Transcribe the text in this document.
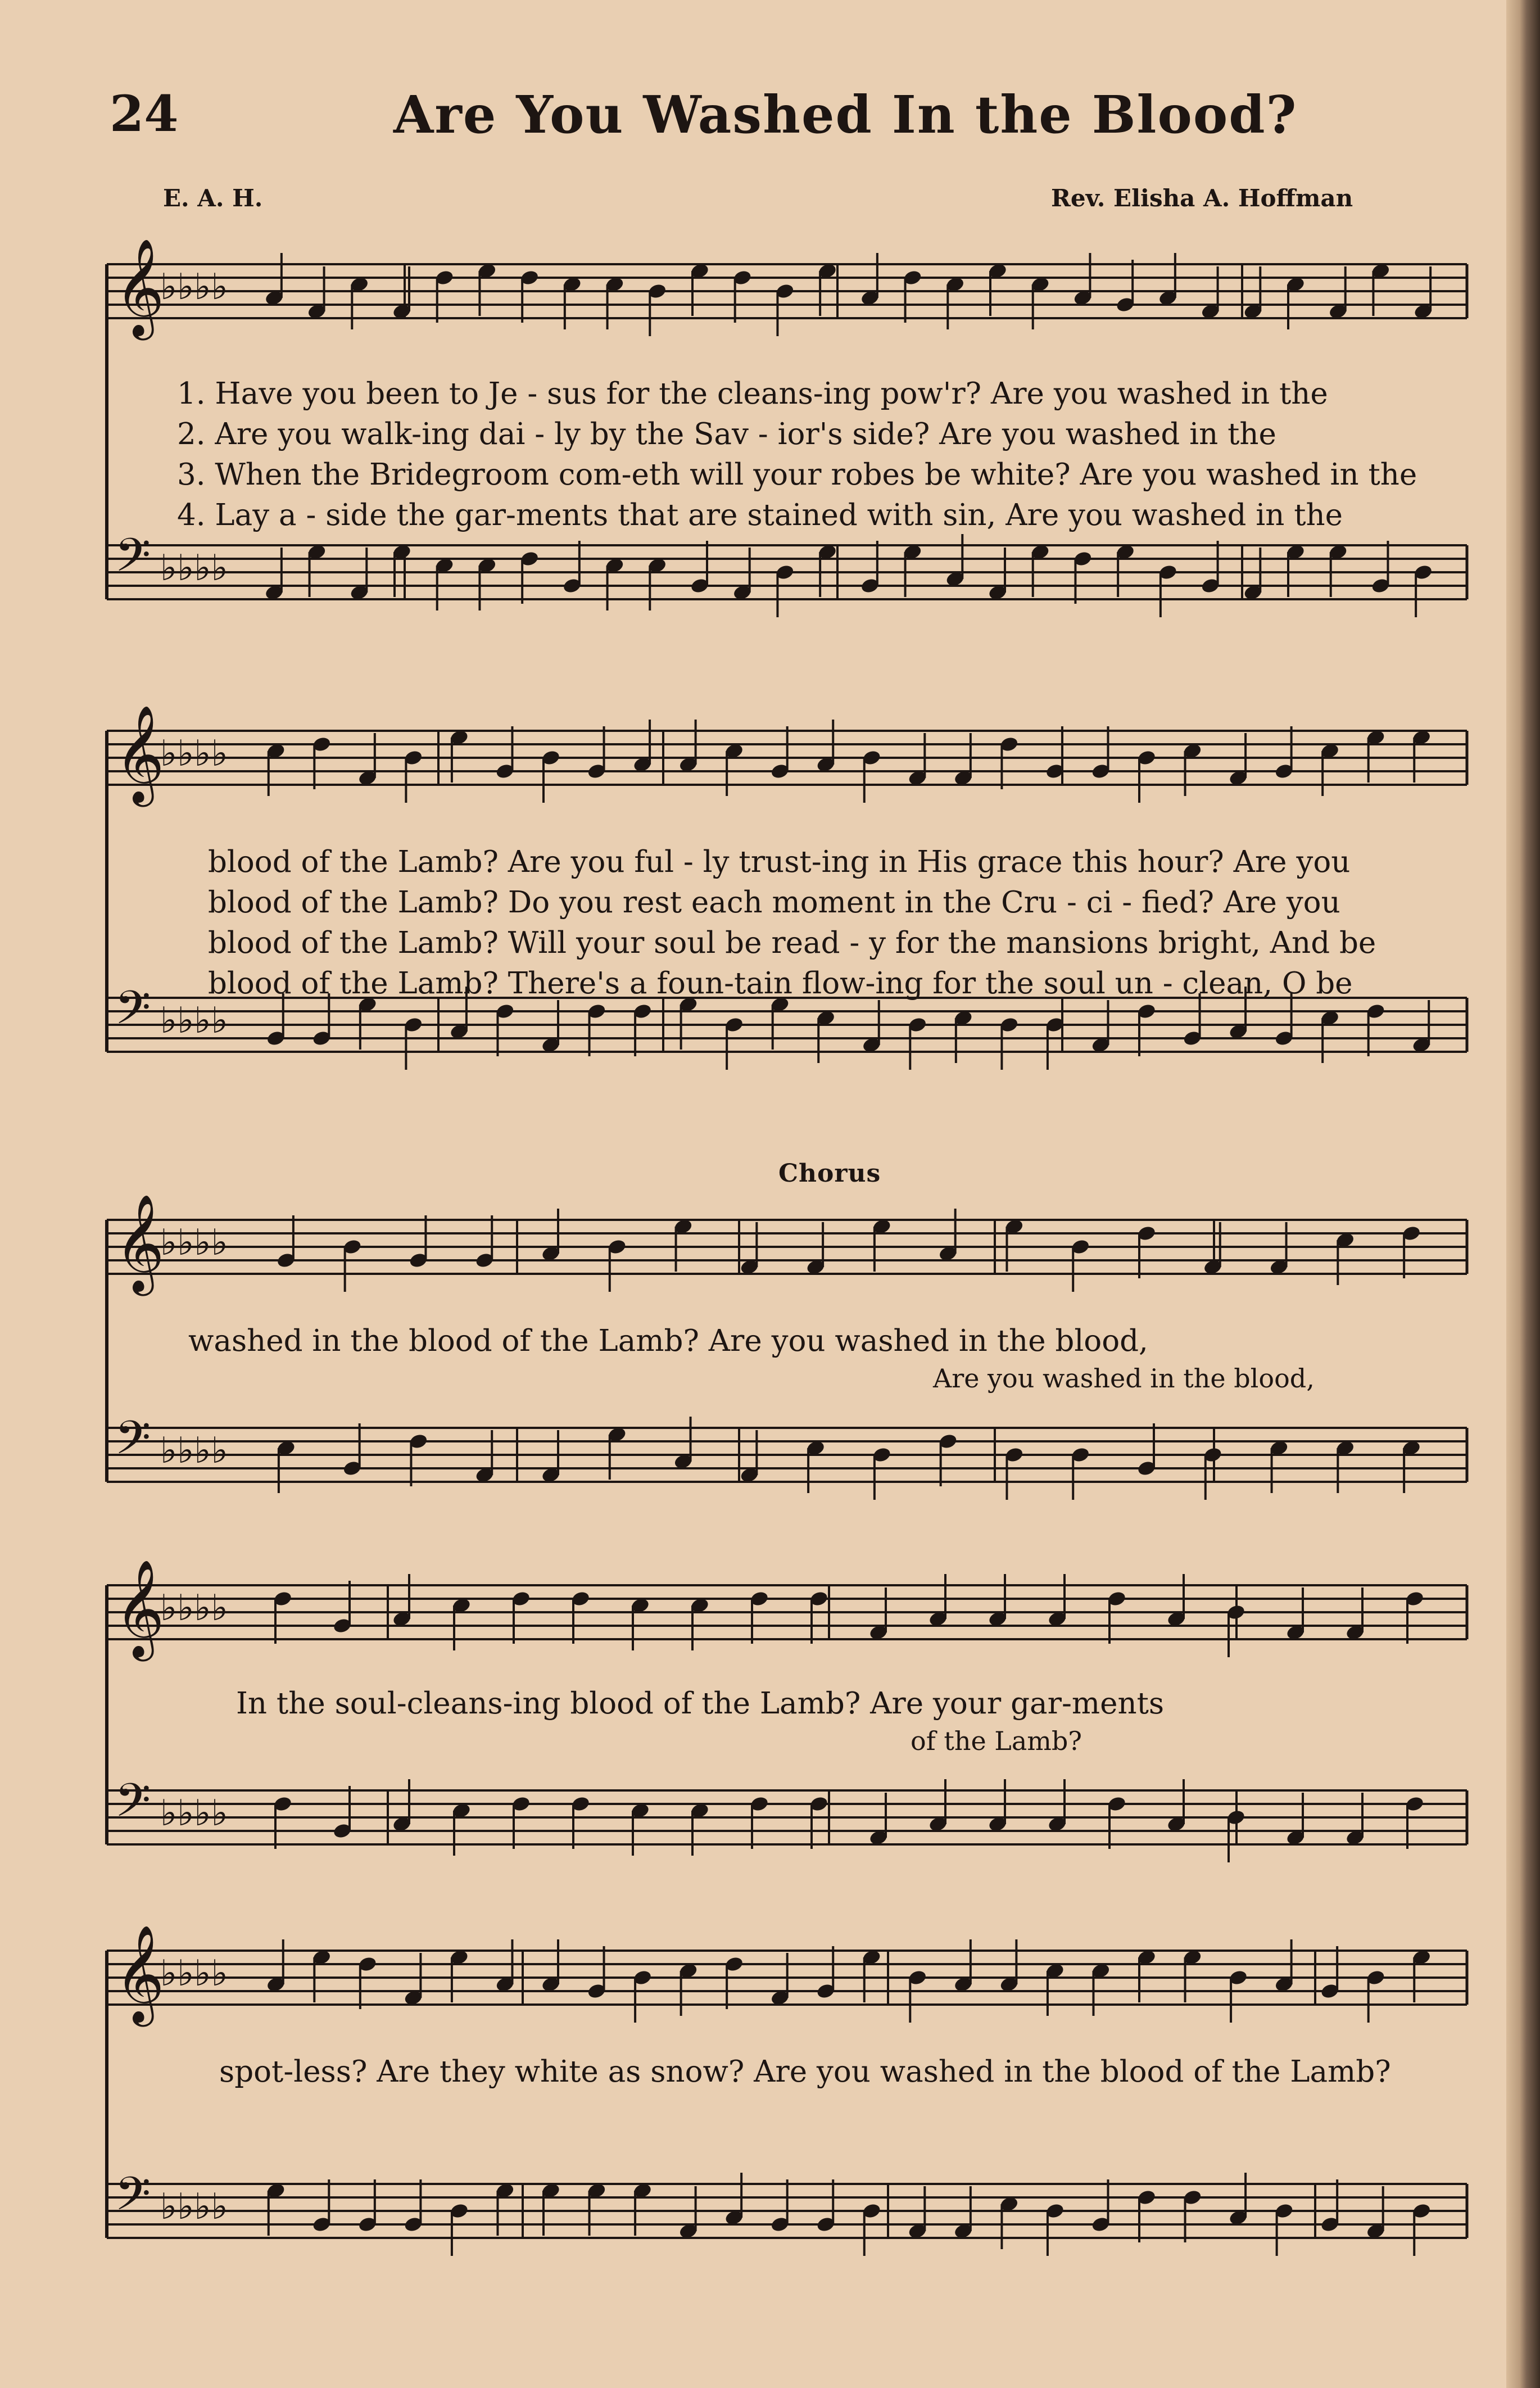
24	Are You Washed In the Blood?
E. A. H.	Rev. Elisha A. Hoffman
𝄞
♭♭♭♭
𝄢 ♭♭♭♭
1. Have you been to Je - sus for the cleans-ing pow'r? Are you washed in the
2. Are you walk-ing dai - ly by the Sav - ior's side? Are you washed in the
3. When the Bridegroom com-eth will your robes be white? Are you washed in the
4. Lay a - side the gar-ments that are stained with sin, Are you washed in the
𝄞
♭♭♭♭
𝄢 ♭♭♭♭
blood of the Lamb? Are you ful - ly trust-ing in His grace this hour? Are you
blood of the Lamb? Do you rest each moment in the Cru - ci - fied? Are you
blood of the Lamb? Will your soul be read - y for the mansions bright, And be
blood of the Lamb? There's a foun-tain flow-ing for the soul un - clean, O be
Chorus
𝄞
♭♭♭♭
𝄢 ♭♭♭♭
washed in the blood of the Lamb? Are you washed in the blood,
Are you washed in the blood,
𝄞
♭♭♭♭
𝄢 ♭♭♭♭
In the soul-cleans-ing blood of the Lamb? Are your gar-ments
of the Lamb?
𝄞
♭♭♭♭
𝄢 ♭♭♭♭
spot-less? Are they white as snow? Are you washed in the blood of the Lamb?
